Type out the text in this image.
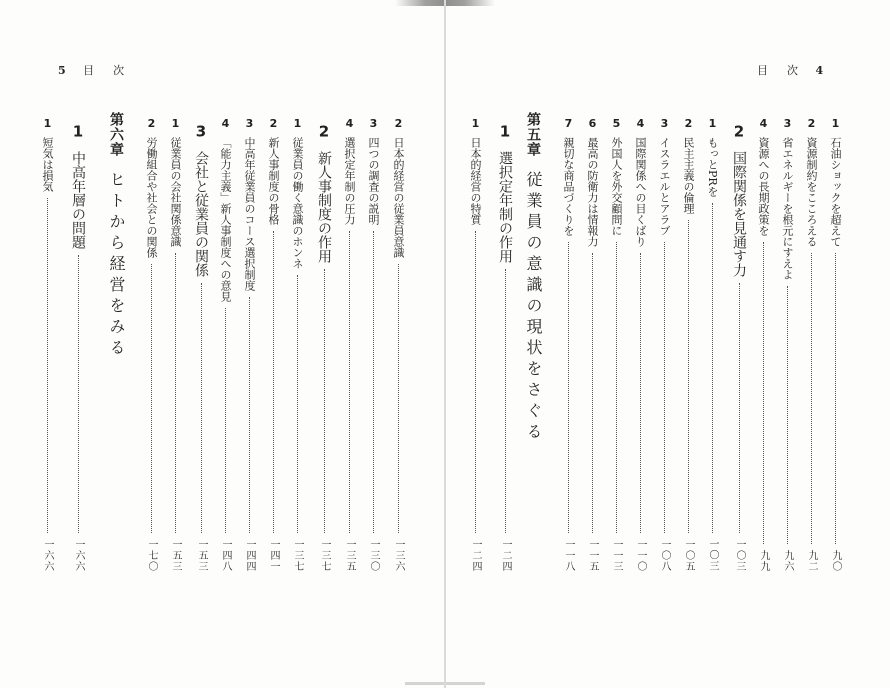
5 目　次
2日本的経営の従業員意識一三六
3四つの調査の説明一三〇
4選択定年制の圧力一三五
2新人事制度の作用一三七
1従業員の働く意識のホンネ一三七
2新人事制度の骨格一四一
3中高年従業員のコース選択制度一四四
4「能力主義」新人事制度への意見一四八
3会社と従業員の関係一五三
1従業員の会社関係意識一五三
2労働組合や社会との関係一七〇
第六章ヒトから経営をみる
1中高年層の問題一六六
1短気は損気一六六
目　次 4
1石油ショックを超えて九〇
2資源制約をこころえる九二
3省エネルギーを根元にすえよ九六
4資源への長期政策を九九
2国際関係を見通す力一〇三
1もっとPRを一〇三
2民主主義の倫理一〇五
3イスラエルとアラブ一〇八
4国際関係への目くばり一一〇
5外国人を外交顧問に一一三
6最高の防衛力は情報力一一五
7親切な商品づくりを一一八
第五章従業員の意識の現状をさぐる
1選択定年制の作用一二四
1日本的経営の特質一二四
